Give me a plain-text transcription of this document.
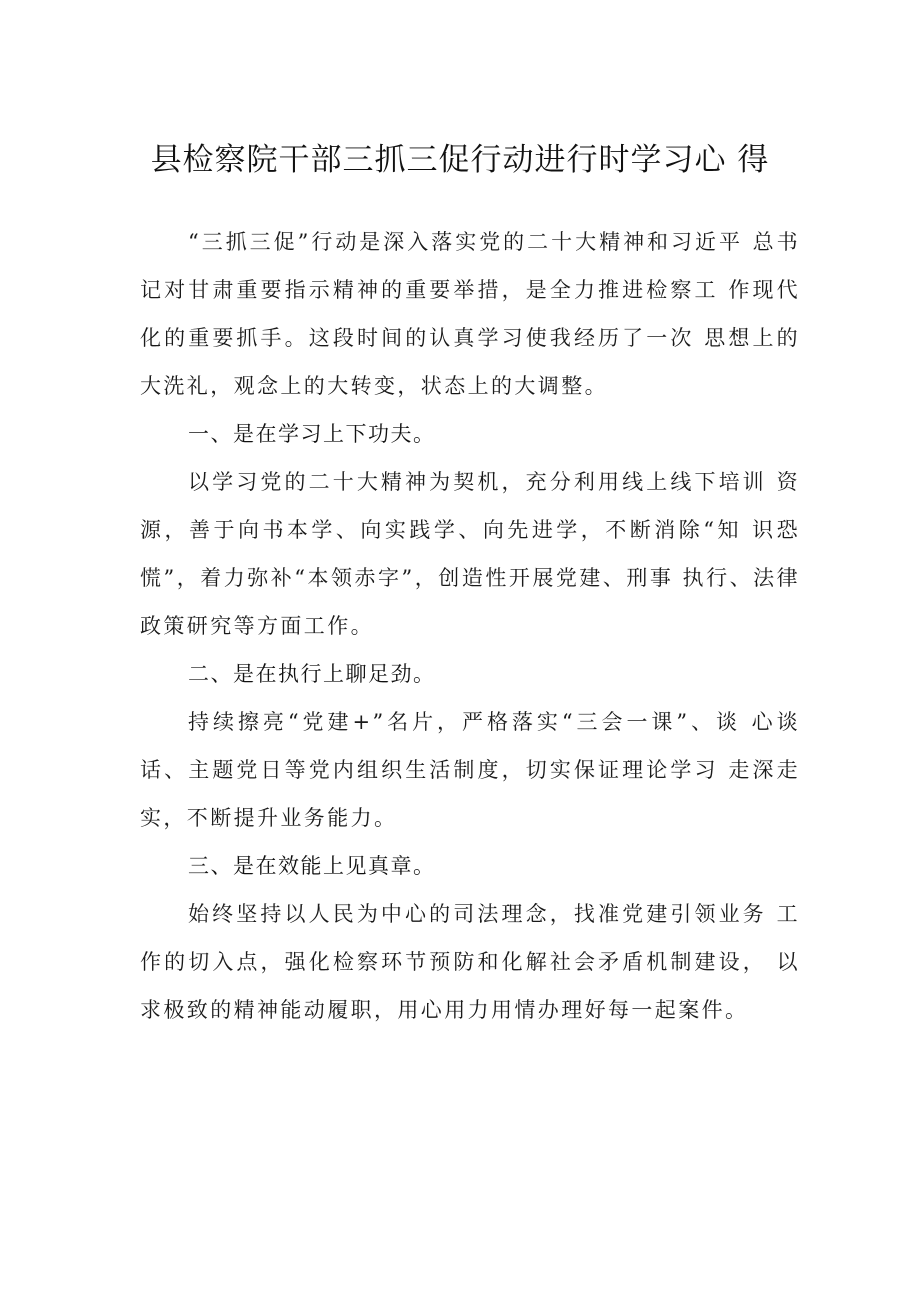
县检察院干部三抓三促行动进行时学习心 得

“三抓三促”行动是深入落实党的二十大精神和习近平 总书记对甘肃重要指示精神的重要举措，是全力推进检察工 作现代化的重要抓手。这段时间的认真学习使我经历了一次 思想上的大洗礼，观念上的大转变，状态上的大调整。

一、是在学习上下功夫。

以学习党的二十大精神为契机，充分利用线上线下培训 资源，善于向书本学、向实践学、向先进学，不断消除“知 识恐慌”，着力弥补“本领赤字”，创造性开展党建、刑事 执行、法律政策研究等方面工作。

二、是在执行上聊足劲。

持续擦亮“党建+”名片，严格落实“三会一课”、谈 心谈话、主题党日等党内组织生活制度，切实保证理论学习 走深走实，不断提升业务能力。

三、是在效能上见真章。

始终坚持以人民为中心的司法理念，找准党建引领业务 工作的切入点，强化检察环节预防和化解社会矛盾机制建设， 以求极致的精神能动履职，用心用力用情办理好每一起案件。
